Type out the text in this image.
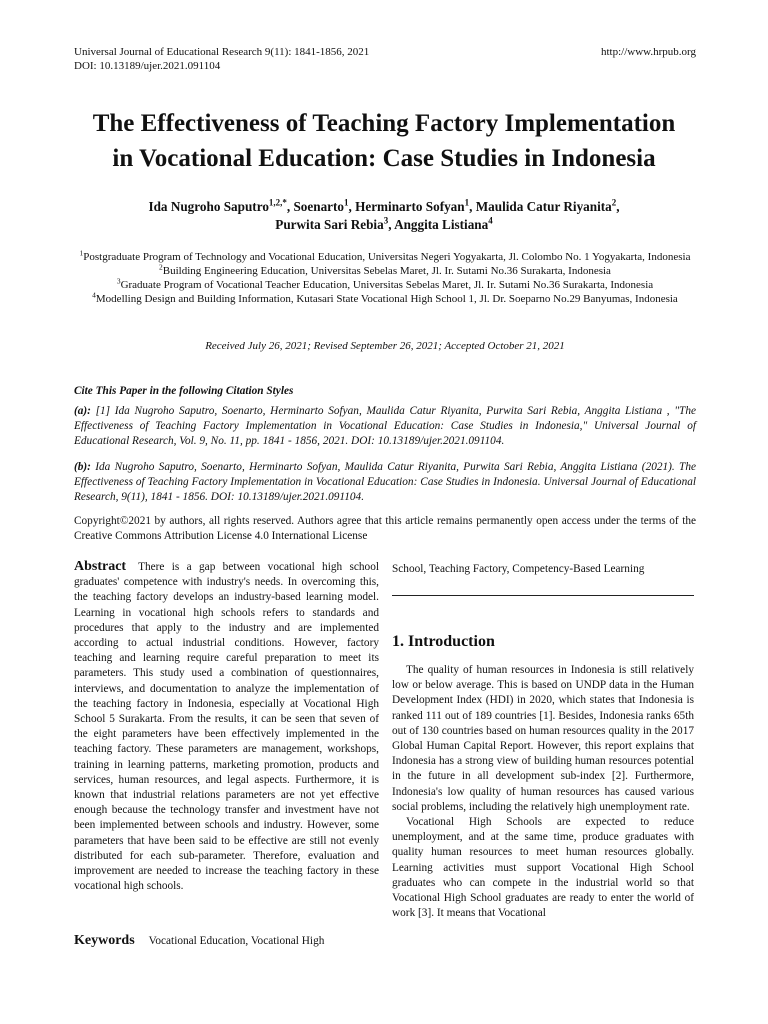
Universal Journal of Educational Research 9(11): 1841-1856, 2021
DOI: 10.13189/ujer.2021.091104
http://www.hrpub.org
The Effectiveness of Teaching Factory Implementation
in Vocational Education: Case Studies in Indonesia
Ida Nugroho Saputro$^{1,2,*}$, Soenarto$^1$, Herminarto Sofyan$^1$, Maulida Catur Riyanita$^2$,
Purwita Sari Rebia$^3$, Anggita Listiana$^4$
$^1$Postgraduate Program of Technology and Vocational Education, Universitas Negeri Yogyakarta, Jl. Colombo No. 1 Yogyakarta, Indonesia
$^2$Building Engineering Education, Universitas Sebelas Maret, Jl. Ir. Sutami No.36 Surakarta, Indonesia
$^3$Graduate Program of Vocational Teacher Education, Universitas Sebelas Maret, Jl. Ir. Sutami No.36 Surakarta, Indonesia
$^4$Modelling Design and Building Information, Kutasari State Vocational High School 1, Jl. Dr. Soeparno No.29 Banyumas, Indonesia
Received July 26, 2021; Revised September 26, 2021; Accepted October 21, 2021
Cite This Paper in the following Citation Styles
(a): [1] Ida Nugroho Saputro, Soenarto, Herminarto Sofyan, Maulida Catur Riyanita, Purwita Sari Rebia, Anggita Listiana , "The Effectiveness of Teaching Factory Implementation in Vocational Education: Case Studies in Indonesia," Universal Journal of Educational Research, Vol. 9, No. 11, pp. 1841 - 1856, 2021. DOI: 10.13189/ujer.2021.091104.
(b): Ida Nugroho Saputro, Soenarto, Herminarto Sofyan, Maulida Catur Riyanita, Purwita Sari Rebia, Anggita Listiana (2021). The Effectiveness of Teaching Factory Implementation in Vocational Education: Case Studies in Indonesia. Universal Journal of Educational Research, 9(11), 1841 - 1856. DOI: 10.13189/ujer.2021.091104.
Copyright©2021 by authors, all rights reserved. Authors agree that this article remains permanently open access under the terms of the Creative Commons Attribution License 4.0 International License
Abstract There is a gap between vocational high school graduates' competence with industry's needs. In overcoming this, the teaching factory develops an industry-based learning model. Learning in vocational high schools refers to standards and procedures that apply to the industry and are implemented according to actual industrial conditions. However, factory teaching and learning require careful preparation to meet its parameters. This study used a combination of questionnaires, interviews, and documentation to analyze the implementation of the teaching factory in Indonesia, especially at Vocational High School 5 Surakarta. From the results, it can be seen that seven of the eight parameters have been effectively implemented in the teaching factory. These parameters are management, workshops, training in learning patterns, marketing promotion, products and services, human resources, and legal aspects. Furthermore, it is known that industrial relations parameters are not yet effective enough because the technology transfer and investment have not been implemented between schools and industry. However, some parameters that have been said to be effective are still not evenly distributed for each sub-parameter. Therefore, evaluation and improvement are needed to increase the teaching factory in these vocational high schools.
Keywords Vocational Education, Vocational High
School, Teaching Factory, Competency-Based Learning
1. Introduction

The quality of human resources in Indonesia is still relatively low or below average. This is based on UNDP data in the Human Development Index (HDI) in 2020, which states that Indonesia is ranked 111 out of 189 countries [1]. Besides, Indonesia ranks 65th out of 130 countries based on human resources quality in the 2017 Global Human Capital Report. However, this report explains that Indonesia has a strong view of building human resources potential in the future in all development sub-index [2]. Furthermore, Indonesia's low quality of human resources has caused various social problems, including the relatively high unemployment rate.

Vocational High Schools are expected to reduce unemployment, and at the same time, produce graduates with quality human resources to meet human resources globally. Learning activities must support Vocational High School graduates who can compete in the industrial world so that Vocational High School graduates are ready to enter the world of work [3]. It means that Vocational
